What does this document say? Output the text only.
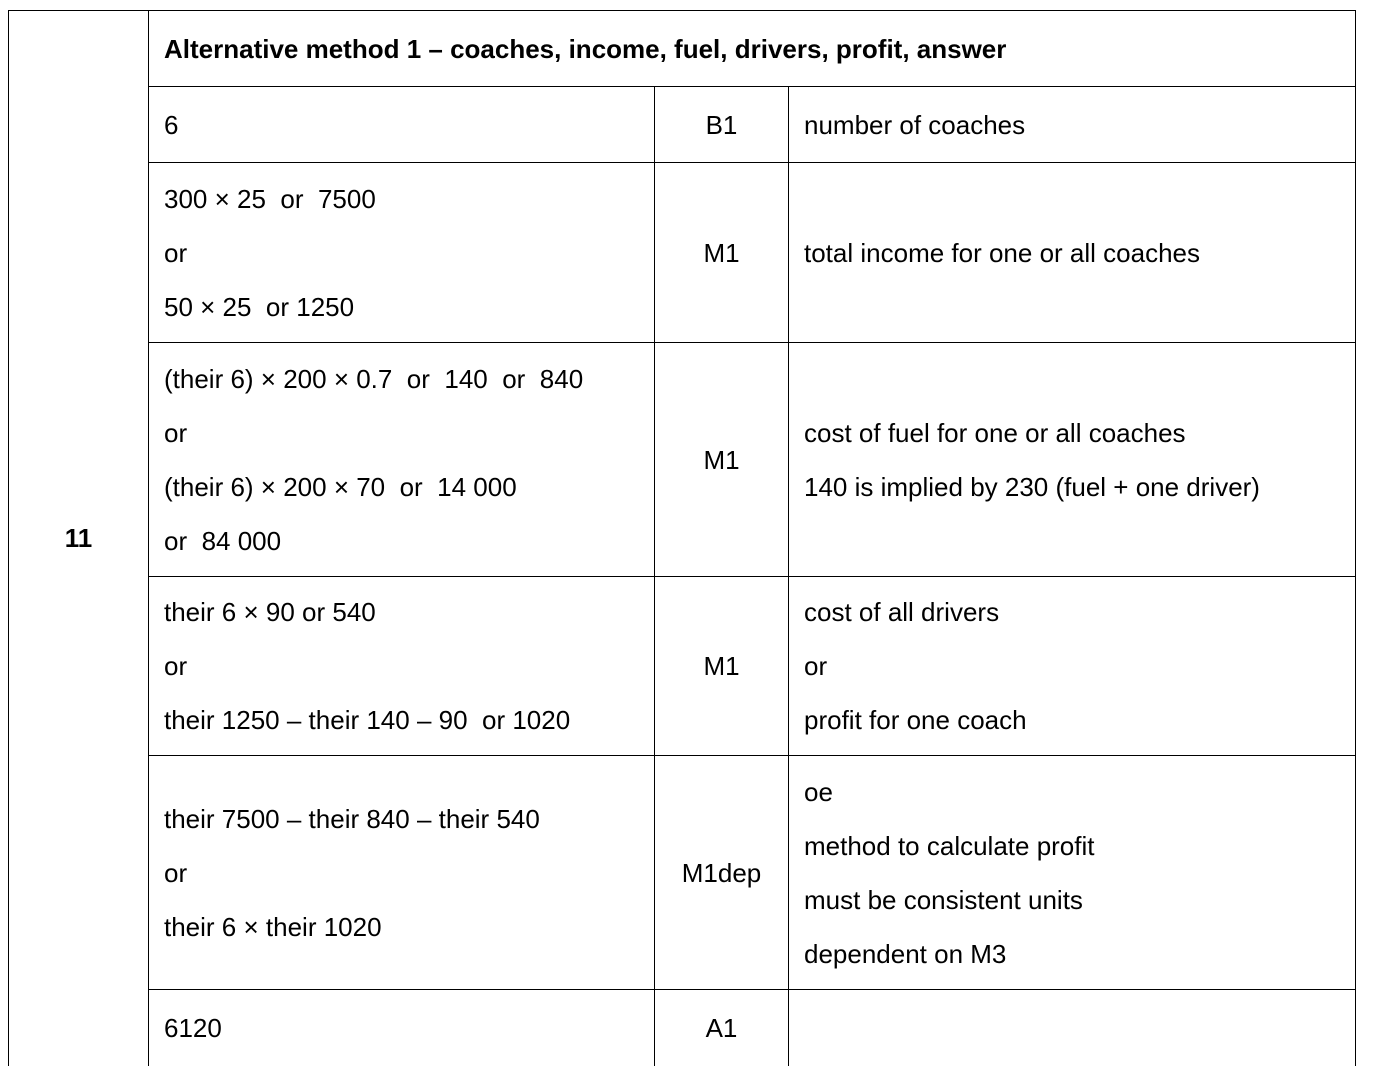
11	Alternative method 1 – coaches, income, fuel, drivers, profit, answer		

	6	B1	number of coaches

	300 × 25  or  7500
or
50 × 25  or 1250	M1	total income for one or all coaches

	(their 6) × 200 × 0.7  or  140  or  840
or
(their 6) × 200 × 70  or  14 000
or  84 000	M1	cost of fuel for one or all coaches
140 is implied by 230 (fuel + one driver)

	their 6 × 90 or 540
or
their 1250 – their 140 – 90  or 1020	M1	cost of all drivers
or
profit for one coach

	their 7500 – their 840 – their 540
or
their 6 × their 1020	M1dep	oe
method to calculate profit
must be consistent units
dependent on M3

	6120	A1	
